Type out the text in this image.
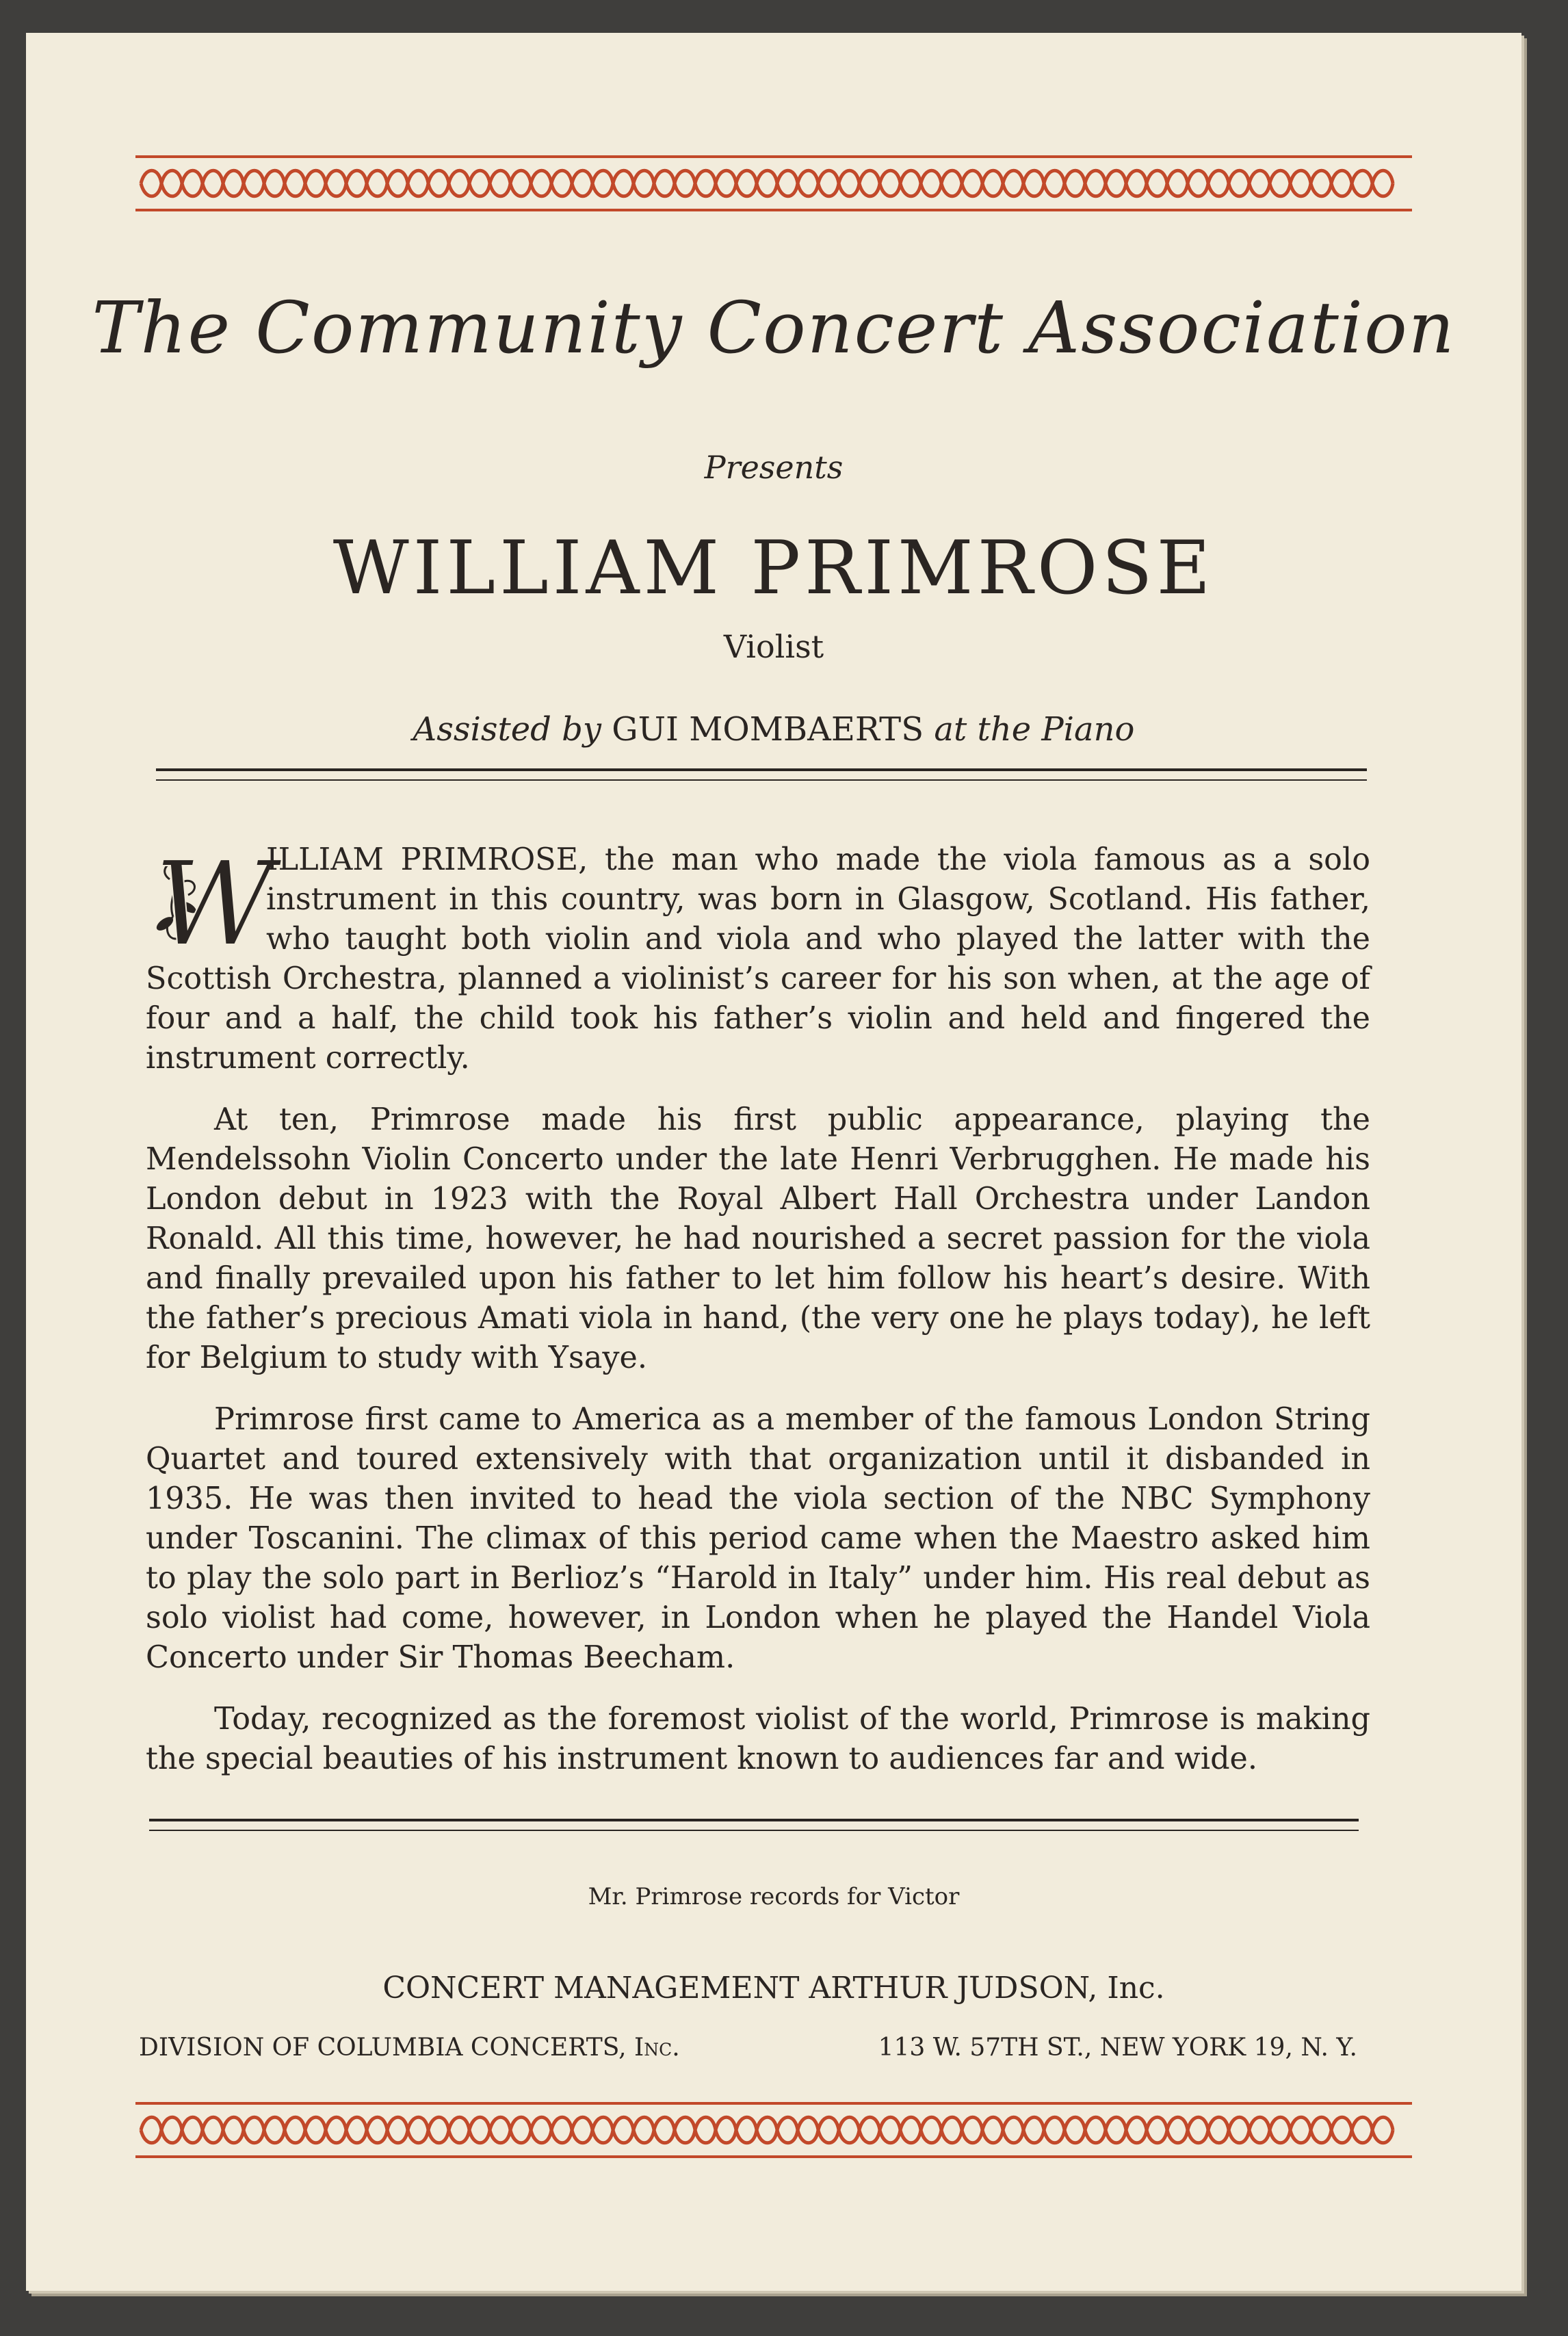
The Community Concert Association

Presents

WILLIAM PRIMROSE

Violist

Assisted by GUI MOMBAERTS at the Piano

W
ILLIAM PRIMROSE, the man who made the viola famous as a solo instrument in this country, was born in Glasgow, Scotland. His father, who taught both violin and viola and who played the latter with the Scottish Orchestra, planned a violinist’s career for his son when, at the age of four and a half, the child took his father’s violin and held and fingered the instrument correctly.

At ten, Primrose made his first public appearance, playing the Mendelssohn Violin Concerto under the late Henri Verbrugghen. He made his London debut in 1923 with the Royal Albert Hall Orchestra under Landon Ronald. All this time, however, he had nourished a secret passion for the viola and finally prevailed upon his father to let him follow his heart’s desire. With the father’s precious Amati viola in hand, (the very one he plays today), he left for Belgium to study with Ysaye.

Primrose first came to America as a member of the famous London String Quartet and toured extensively with that organization until it disbanded in 1935. He was then invited to head the viola section of the NBC Symphony under Toscanini. The climax of this period came when the Maestro asked him to play the solo part in Berlioz’s “Harold in Italy” under him. His real debut as solo violist had come, however, in London when he played the Handel Viola Concerto under Sir Thomas Beecham.

Today, recognized as the foremost violist of the world, Primrose is making the special beauties of his instrument known to audiences far and wide.

Mr. Primrose records for Victor

CONCERT MANAGEMENT ARTHUR JUDSON, Inc.

DIVISION OF COLUMBIA CONCERTS, Inc.	113 W. 57TH ST., NEW YORK 19, N. Y.
